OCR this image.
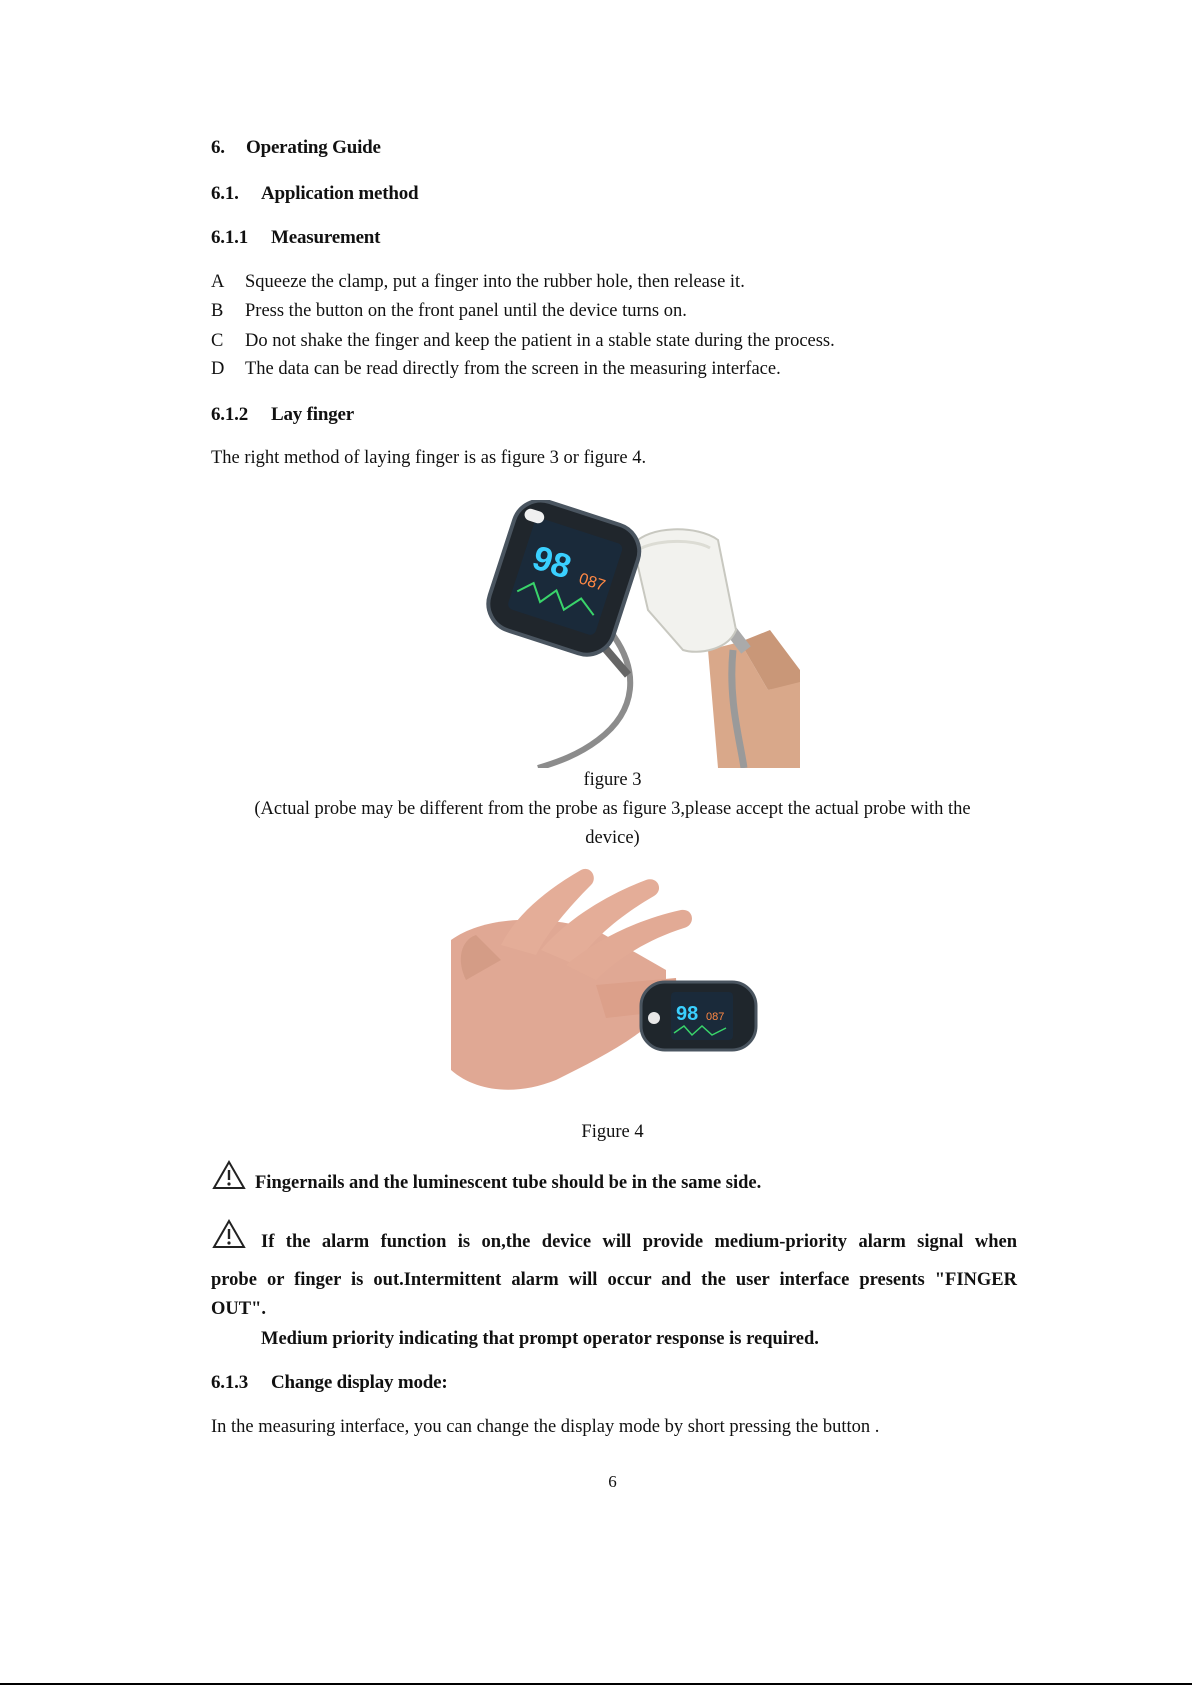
6. Operating Guide
6.1. Application method
6.1.1 Measurement
A Squeeze the clamp, put a finger into the rubber hole, then release it.
B Press the button on the front panel until the device turns on.
C Do not shake the finger and keep the patient in a stable state during the process.
D The data can be read directly from the screen in the measuring interface.
6.1.2 Lay finger
The right method of laying finger is as figure 3 or figure 4.
98 087
figure 3
(Actual probe may be different from the probe as figure 3,please accept the actual probe with the
device)
98 087
Figure 4
Fingernails and the luminescent tube should be in the same side.
If the alarm function is on,the device will provide medium-priority alarm signal when
probe or finger is out.Intermittent alarm will occur and the user interface presents "FINGER
OUT".
Medium priority indicating that prompt operator response is required.
6.1.3 Change display mode:
In the measuring interface, you can change the display mode by short pressing the button .
6
